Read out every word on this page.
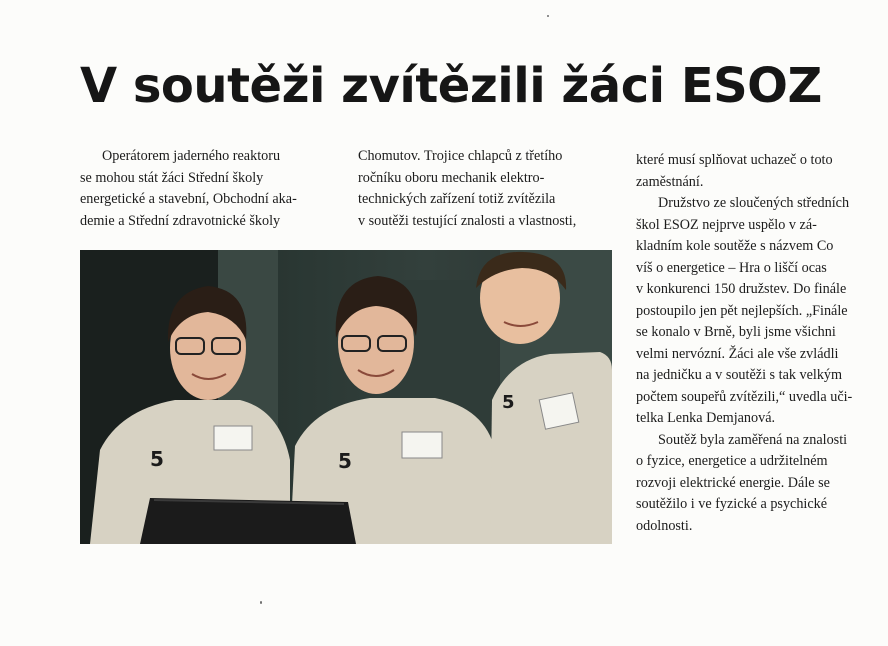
V soutěži zvítězili žáci ESOZ

Operátorem jaderného reaktoru

se mohou stát žáci Střední školy

energetické a stavební, Obchodní aka-

demie a Střední zdravotnické školy

Chomutov. Trojice chlapců z třetího

ročníku oboru mechanik elektro-

technických zařízení totiž zvítězila

v soutěži testující znalosti a vlastnosti,

5	5
5

které musí splňovat uchazeč o toto

zaměstnání.

Družstvo ze sloučených středních

škol ESOZ nejprve uspělo v zá-

kladním kole soutěže s názvem Co

víš o energetice – Hra o liščí ocas

v konkurenci 150 družstev. Do finále

postoupilo jen pět nejlepších. „Finále

se konalo v Brně, byli jsme všichni

velmi nervózní. Žáci ale vše zvládli

na jedničku a v soutěži s tak velkým

počtem soupeřů zvítězili,“ uvedla uči-

telka Lenka Demjanová.

Soutěž byla zaměřená na znalosti

o fyzice, energetice a udržitelném

rozvoji elektrické energie. Dále se

soutěžilo i ve fyzické a psychické

odolnosti.
